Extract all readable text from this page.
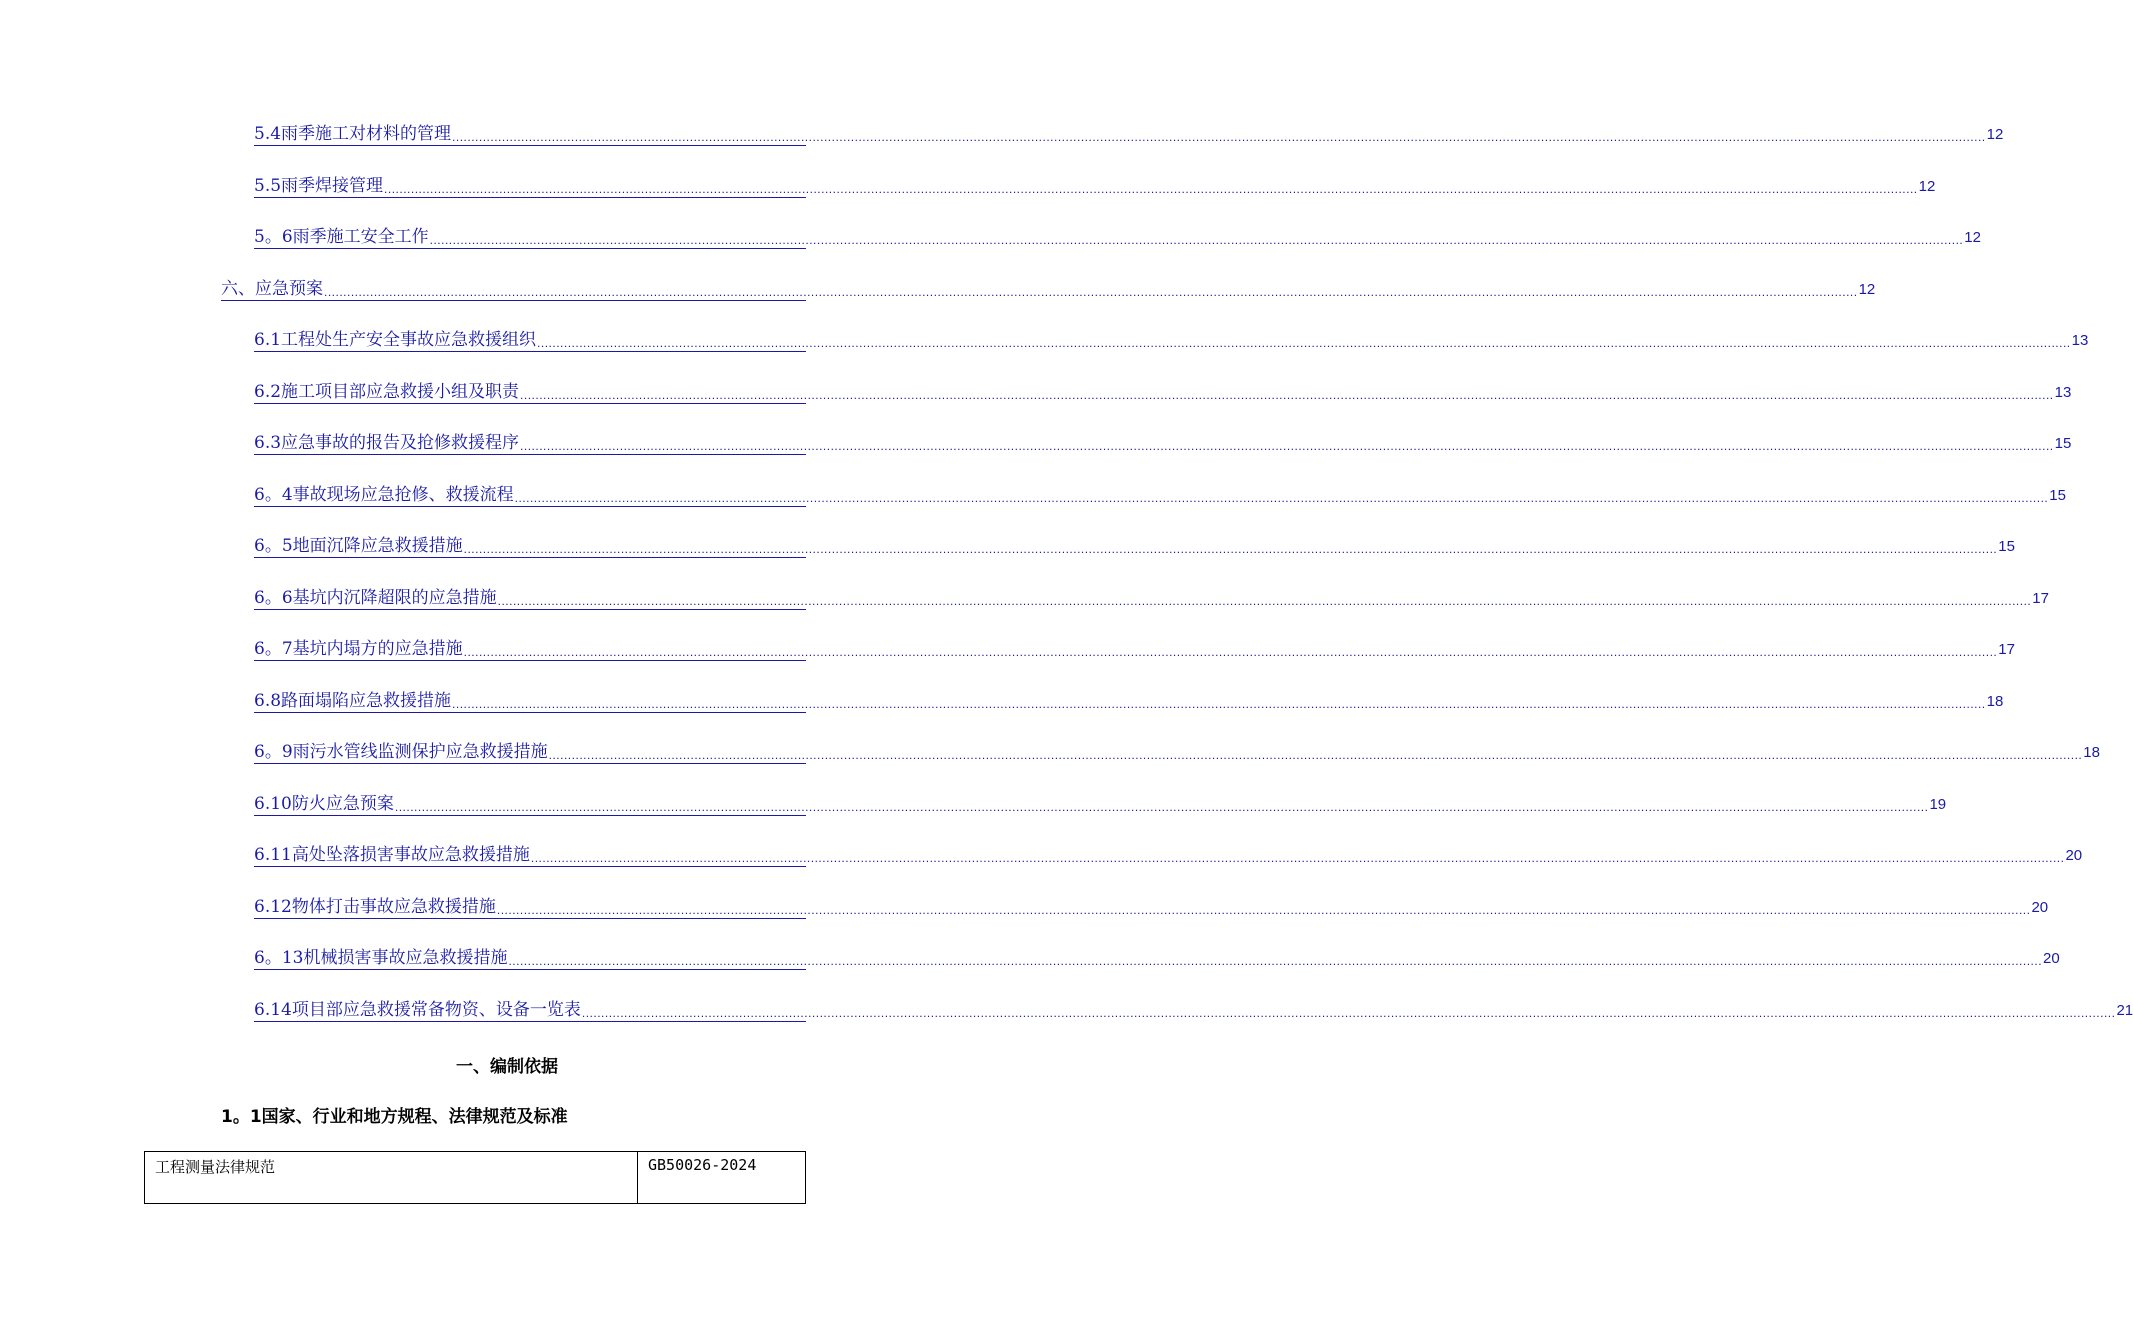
5.4雨季施工对材料的管理 ................................................................................................................................................................................................................................................................................................................................................................................................................ 12
5.5雨季焊接管理 ................................................................................................................................................................................................................................................................................................................................................................................................................ 12
5。6雨季施工安全工作 ................................................................................................................................................................................................................................................................................................................................................................................................................ 12
六、应急预案 ................................................................................................................................................................................................................................................................................................................................................................................................................ 12
6.1工程处生产安全事故应急救援组织 ................................................................................................................................................................................................................................................................................................................................................................................................................ 13
6.2施工项目部应急救援小组及职责 ................................................................................................................................................................................................................................................................................................................................................................................................................ 13
6.3应急事故的报告及抢修救援程序 ................................................................................................................................................................................................................................................................................................................................................................................................................ 15
6。4事故现场应急抢修、救援流程 ................................................................................................................................................................................................................................................................................................................................................................................................................ 15
6。5地面沉降应急救援措施 ................................................................................................................................................................................................................................................................................................................................................................................................................ 15
6。6基坑内沉降超限的应急措施 ................................................................................................................................................................................................................................................................................................................................................................................................................ 17
6。7基坑内塌方的应急措施 ................................................................................................................................................................................................................................................................................................................................................................................................................ 17
6.8路面塌陷应急救援措施 ................................................................................................................................................................................................................................................................................................................................................................................................................ 18
6。9雨污水管线监测保护应急救援措施 ................................................................................................................................................................................................................................................................................................................................................................................................................ 18
6.10防火应急预案 ................................................................................................................................................................................................................................................................................................................................................................................................................ 19
6.11高处坠落损害事故应急救援措施 ................................................................................................................................................................................................................................................................................................................................................................................................................ 20
6.12物体打击事故应急救援措施 ................................................................................................................................................................................................................................................................................................................................................................................................................ 20
6。13机械损害事故应急救援措施 ................................................................................................................................................................................................................................................................................................................................................................................................................ 20
6.14项目部应急救援常备物资、设备一览表 ................................................................................................................................................................................................................................................................................................................................................................................................................ 21
一、编制依据
1。1国家、行业和地方规程、法律规范及标准
工程测量法律规范	GB50026-2024
